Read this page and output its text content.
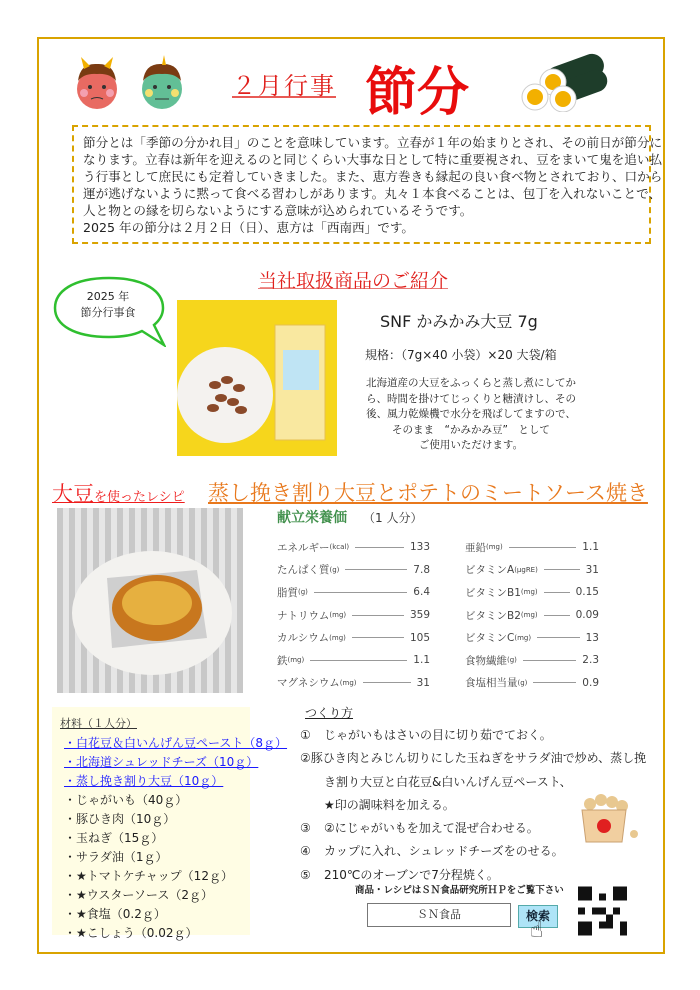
２月行事 節分

節分とは「季節の分かれ目」のことを意味しています。立春が１年の始まりとされ、その前日が節分に

なります。立春は新年を迎えるのと同じくらい大事な日として特に重要視され、豆をまいて鬼を追い払

う行事として庶民にも定着していきました。また、恵方巻きも縁起の良い食べ物とされており、口から

運が逃げないように黙って食べる習わしがあります。丸々１本食べることは、包丁を入れないことで、

人と物との縁を切らないようにする意味が込められているそうです。

2025 年の節分は２月２日（日）、恵方は「西南西」です。

2025 年
節分行事食
当社取扱商品のご紹介
SNF かみかみ大豆 7g
規格：（7g×40 小袋）×20 大袋/箱
北海道産の大豆をふっくらと蒸し煮にしてか
ら、時間を掛けてじっくりと糖漬けし、その
後、風力乾燥機で水分を飛ばしてますので、
そのまま　“かみかみ豆”　として
ご使用いただけます。
大豆を使ったレシピ 蒸し挽き割り大豆とポテトのミートソース焼き
献立栄養価 （1 人分）
エネルギー (kcal)	133
たんぱく質 (g)	7.8
脂質 (g)	6.4
ナトリウム (mg)	359
カルシウム (mg)	105
鉄 (mg)	1.1
マグネシウム (mg)	31
亜鉛 (mg)	1.1
ビタミンA (μgRE)	31
ビタミンB1 (mg)	0.15
ビタミンB2 (mg)	0.09
ビタミンC (mg)	13
食物繊維 (g)	2.3
食塩相当量 (g)	0.9
材料（１人分）
・白花豆＆白いんげん豆ペースト（8ｇ）
・北海道シュレッドチーズ（10ｇ）
・蒸し挽き割り大豆（10ｇ）
・じゃがいも（40ｇ）
・豚ひき肉（10ｇ）
・玉ねぎ（15ｇ）
・サラダ油（1ｇ）
・★トマトケチャップ（12ｇ）
・★ウスターソース（2ｇ）
・★食塩（0.2ｇ）
・★こしょう（0.02ｇ）
つくり方
①	じゃがいもはさいの目に切り茹でておく。
② 豚ひき肉とみじん切りにした玉ねぎをサラダ油で炒め、蒸し挽
き割り大豆と白花豆&白いんげん豆ペースト、
★印の調味料を加える。
③	②にじゃがいもを加えて混ぜ合わせる。
④	カップに入れ、シュレッドチーズをのせる。
⑤	210℃のオーブンで7分程焼く。
商品・レシピはＳＮ食品研究所ＨＰをご覧下さい
ＳＮ食品	検索
☝
